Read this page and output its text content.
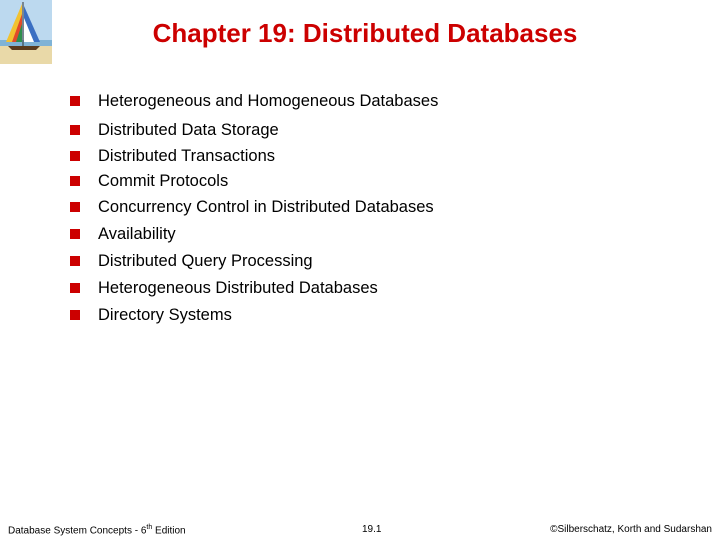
Chapter 19: Distributed Databases
Heterogeneous and Homogeneous Databases
Distributed Data Storage
Distributed Transactions
Commit Protocols
Concurrency Control in Distributed Databases
Availability
Distributed Query Processing
Heterogeneous Distributed Databases
Directory Systems
Database System Concepts - 6th Edition	19.1	©Silberschatz, Korth and Sudarshan
